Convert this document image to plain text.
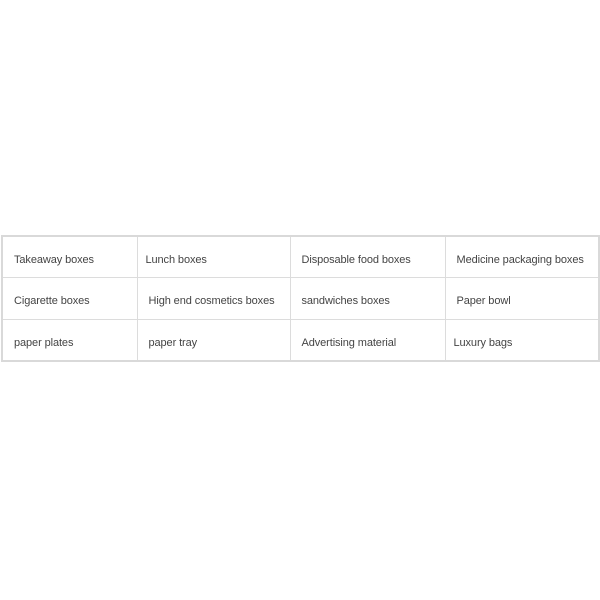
Takeaway boxes	Lunch boxes	Disposable food boxes	Medicine packaging boxes
Cigarette boxes	High end cosmetics boxes	sandwiches boxes	Paper bowl
paper plates	paper tray	Advertising material	Luxury bags
